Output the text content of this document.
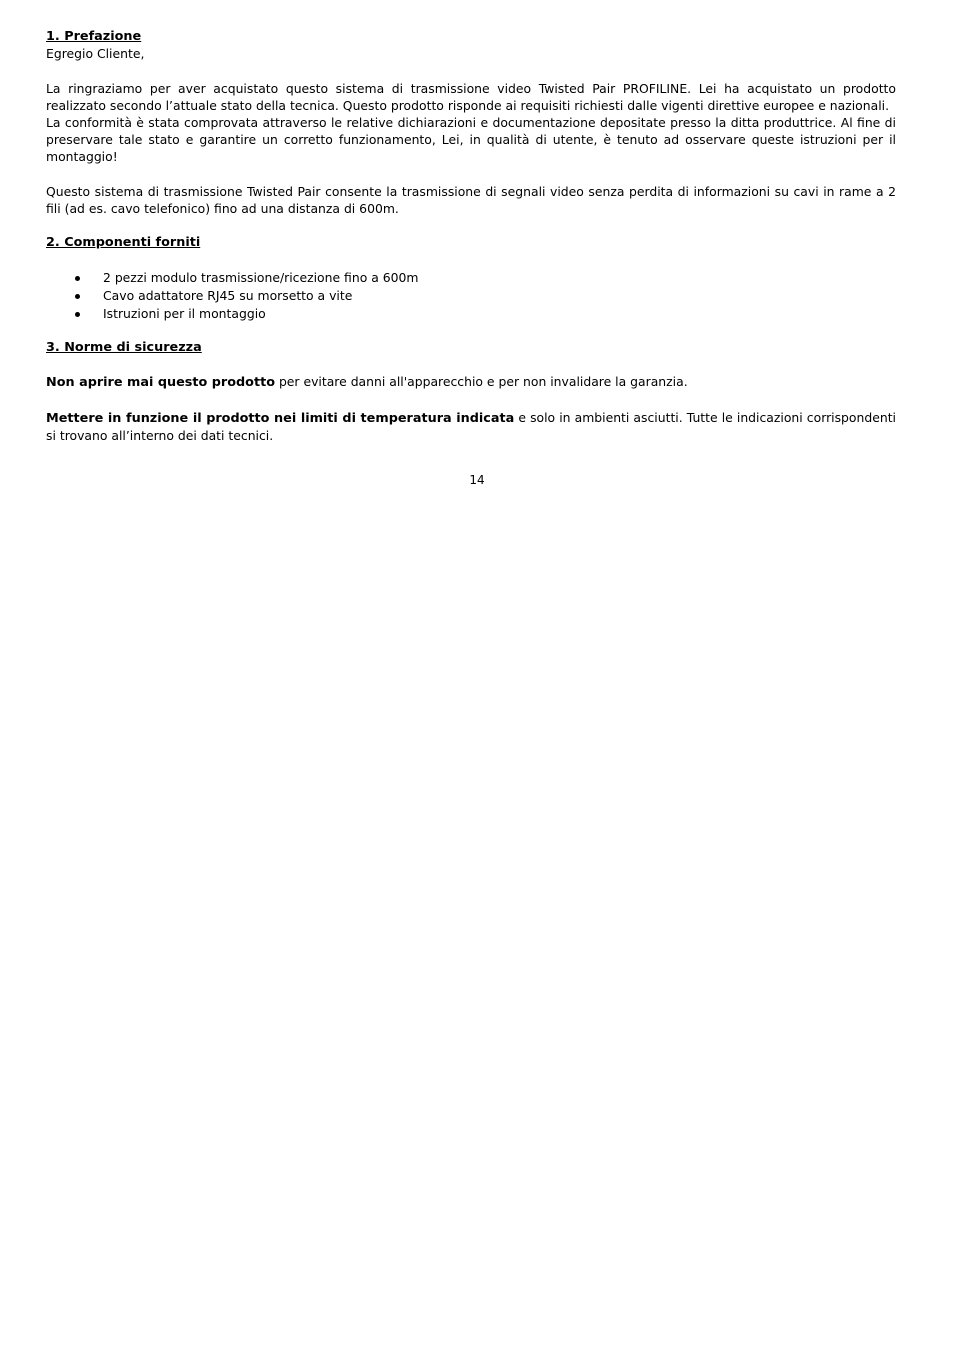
1. Prefazione

Egregio Cliente,

La ringraziamo per aver acquistato questo sistema di trasmissione video Twisted Pair PROFILINE. Lei ha acquistato un prodotto realizzato secondo l’attuale stato della tecnica. Questo prodotto risponde ai requisiti richiesti dalle vigenti direttive europee e nazionali.

La conformità è stata comprovata attraverso le relative dichiarazioni e documentazione depositate presso la ditta produttrice. Al fine di preservare tale stato e garantire un corretto funzionamento, Lei, in qualità di utente, è tenuto ad osservare queste istruzioni per il montaggio!

Questo sistema di trasmissione Twisted Pair consente la trasmissione di segnali video senza perdita di informazioni su cavi in rame a 2 fili (ad es. cavo telefonico) fino ad una distanza di 600m.

2. Componenti forniti

2 pezzi modulo trasmissione/ricezione fino a 600m
Cavo adattatore RJ45 su morsetto a vite
Istruzioni per il montaggio

3. Norme di sicurezza

Non aprire mai questo prodotto per evitare danni all'apparecchio e per non invalidare la garanzia.

Mettere in funzione il prodotto nei limiti di temperatura indicata e solo in ambienti asciutti. Tutte le indicazioni corrispondenti si trovano all’interno dei dati tecnici.

14
